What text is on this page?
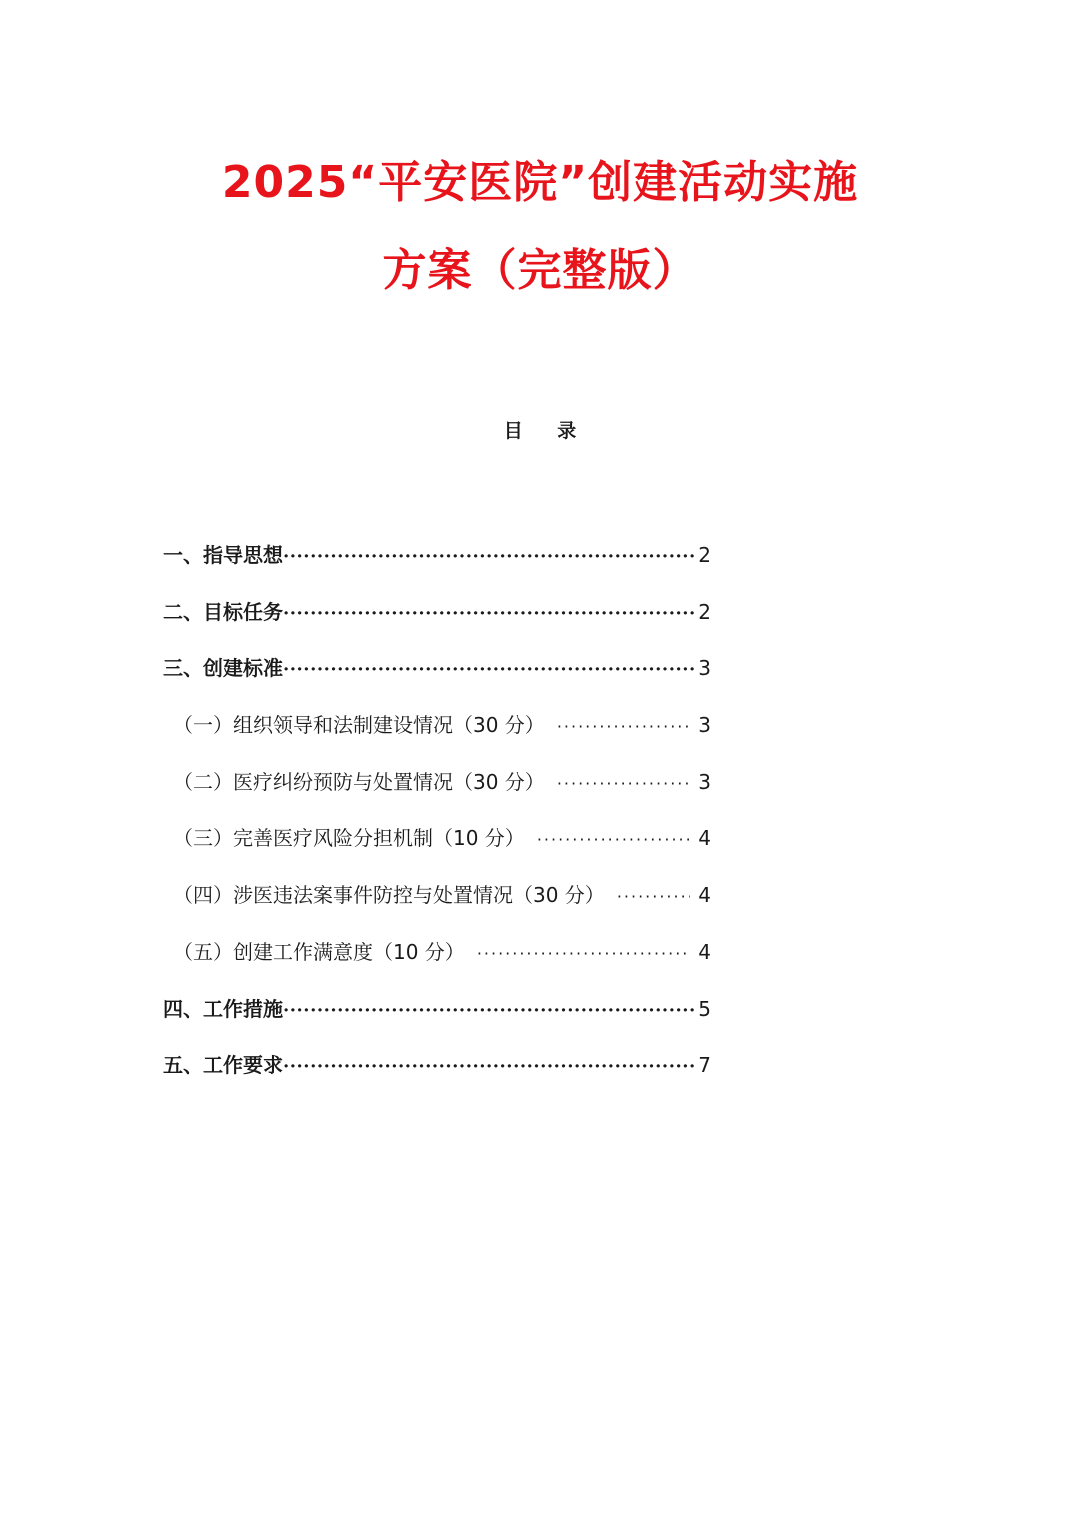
2025“平安医院”创建活动实施
方案（完整版）
目 录
一、指导思想 ·····	2
二、目标任务 ·····	2
三、创建标准 ·····	3
（一）组织领导和法制建设情况（30 分） ·····	3
（二）医疗纠纷预防与处置情况（30 分） ·····	3
（三）完善医疗风险分担机制（10 分） ·····	4
（四）涉医违法案事件防控与处置情况（30 分） ·····	4
（五）创建工作满意度（10 分） ·····	4
四、工作措施 ·····	5
五、工作要求 ·····	7
